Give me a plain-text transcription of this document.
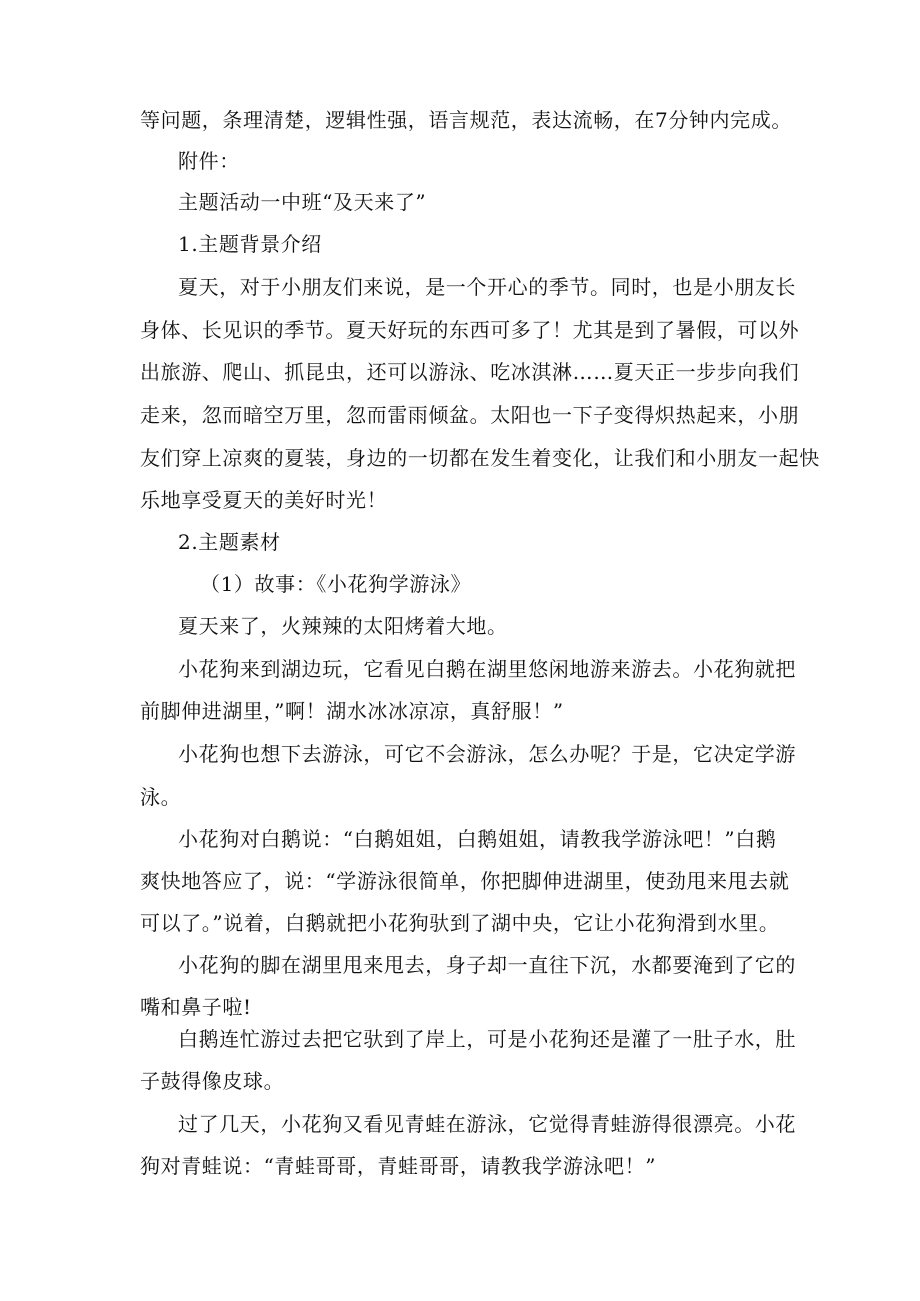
等问题，条理清楚，逻辑性强，语言规范，表达流畅，在7分钟内完成。
附件：
主题活动一中班“及天来了”
1.主题背景介绍
夏天，对于小朋友们来说，是一个开心的季节。同时，也是小朋友长
身体、长见识的季节。夏天好玩的东西可多了！尤其是到了暑假，可以外
出旅游、爬山、抓昆虫，还可以游泳、吃冰淇淋……夏天正一步步向我们
走来，忽而暗空万里，忽而雷雨倾盆。太阳也一下子变得炽热起来，小朋
友们穿上凉爽的夏装，身边的一切都在发生着变化，让我们和小朋友一起快
乐地享受夏天的美好时光！
2.主题素材
（1）故事：《小花狗学游泳》
夏天来了，火辣辣的太阳烤着大地。
小花狗来到湖边玩，它看见白鹅在湖里悠闲地游来游去。小花狗就把
前脚伸进湖里，”啊！湖水冰冰凉凉，真舒服！”
小花狗也想下去游泳，可它不会游泳，怎么办呢？于是，它决定学游
泳。
小花狗对白鹅说：“白鹅姐姐，白鹅姐姐，请教我学游泳吧！”白鹅
爽快地答应了，说：“学游泳很简单，你把脚伸进湖里，使劲甩来甩去就
可以了。”说着，白鹅就把小花狗驮到了湖中央，它让小花狗滑到水里。
小花狗的脚在湖里甩来甩去，身子却一直往下沉，水都要淹到了它的
嘴和鼻子啦!
白鹅连忙游过去把它驮到了岸上，可是小花狗还是灌了一肚子水，肚
子鼓得像皮球。
过了几天，小花狗又看见青蛙在游泳，它觉得青蛙游得很漂亮。小花
狗对青蛙说：“青蛙哥哥，青蛙哥哥，请教我学游泳吧！”
